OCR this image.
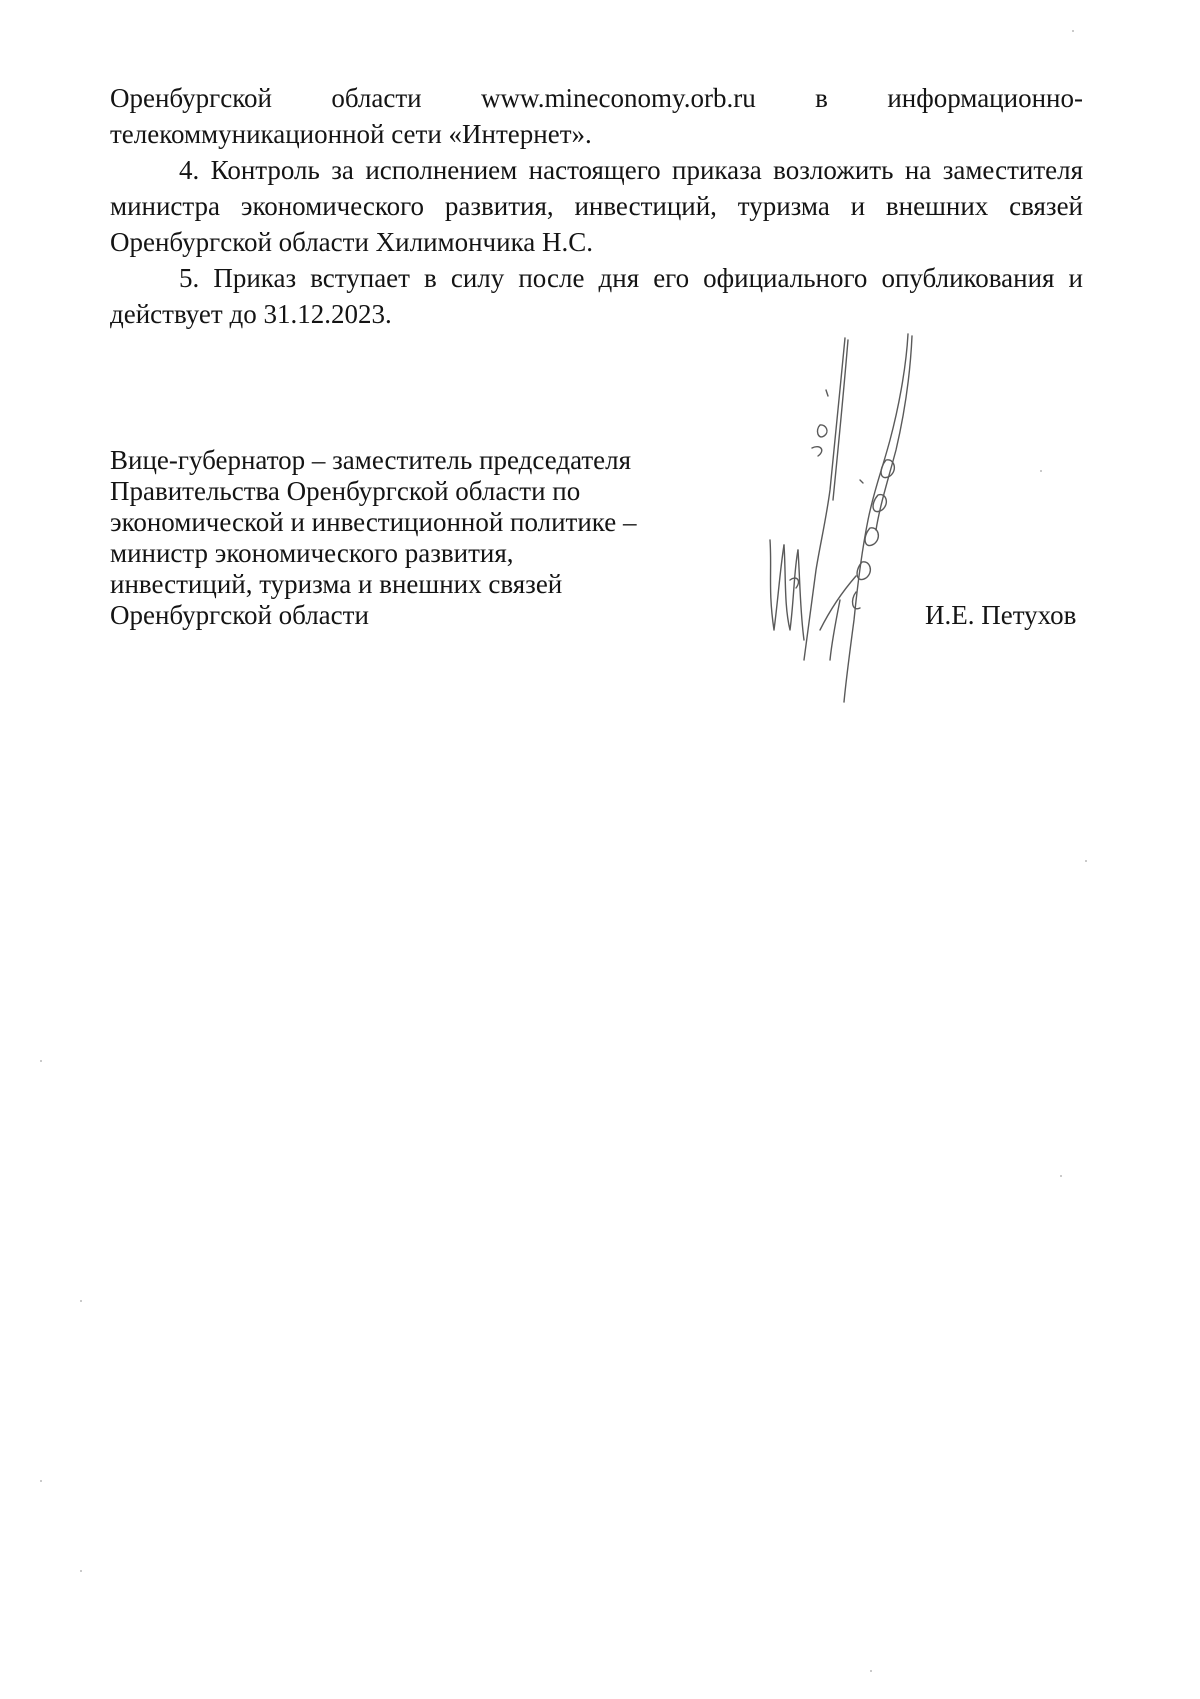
Оренбургской области www.mineconomy.orb.ru в информационно-

телекоммуникационной сети «Интернет».

4. Контроль за исполнением настоящего приказа возложить на заместителя министра экономического развития, инвестиций, туризма и внешних связей Оренбургской области Хилимончика Н.С.

5. Приказ вступает в силу после дня его официального опубликования и действует до 31.12.2023.

Вице-губернатор – заместитель председателя
Правительства Оренбургской области по
экономической и инвестиционной политике –
министр экономического развития,
инвестиций, туризма и внешних связей
Оренбургской области	И.Е. Петухов
